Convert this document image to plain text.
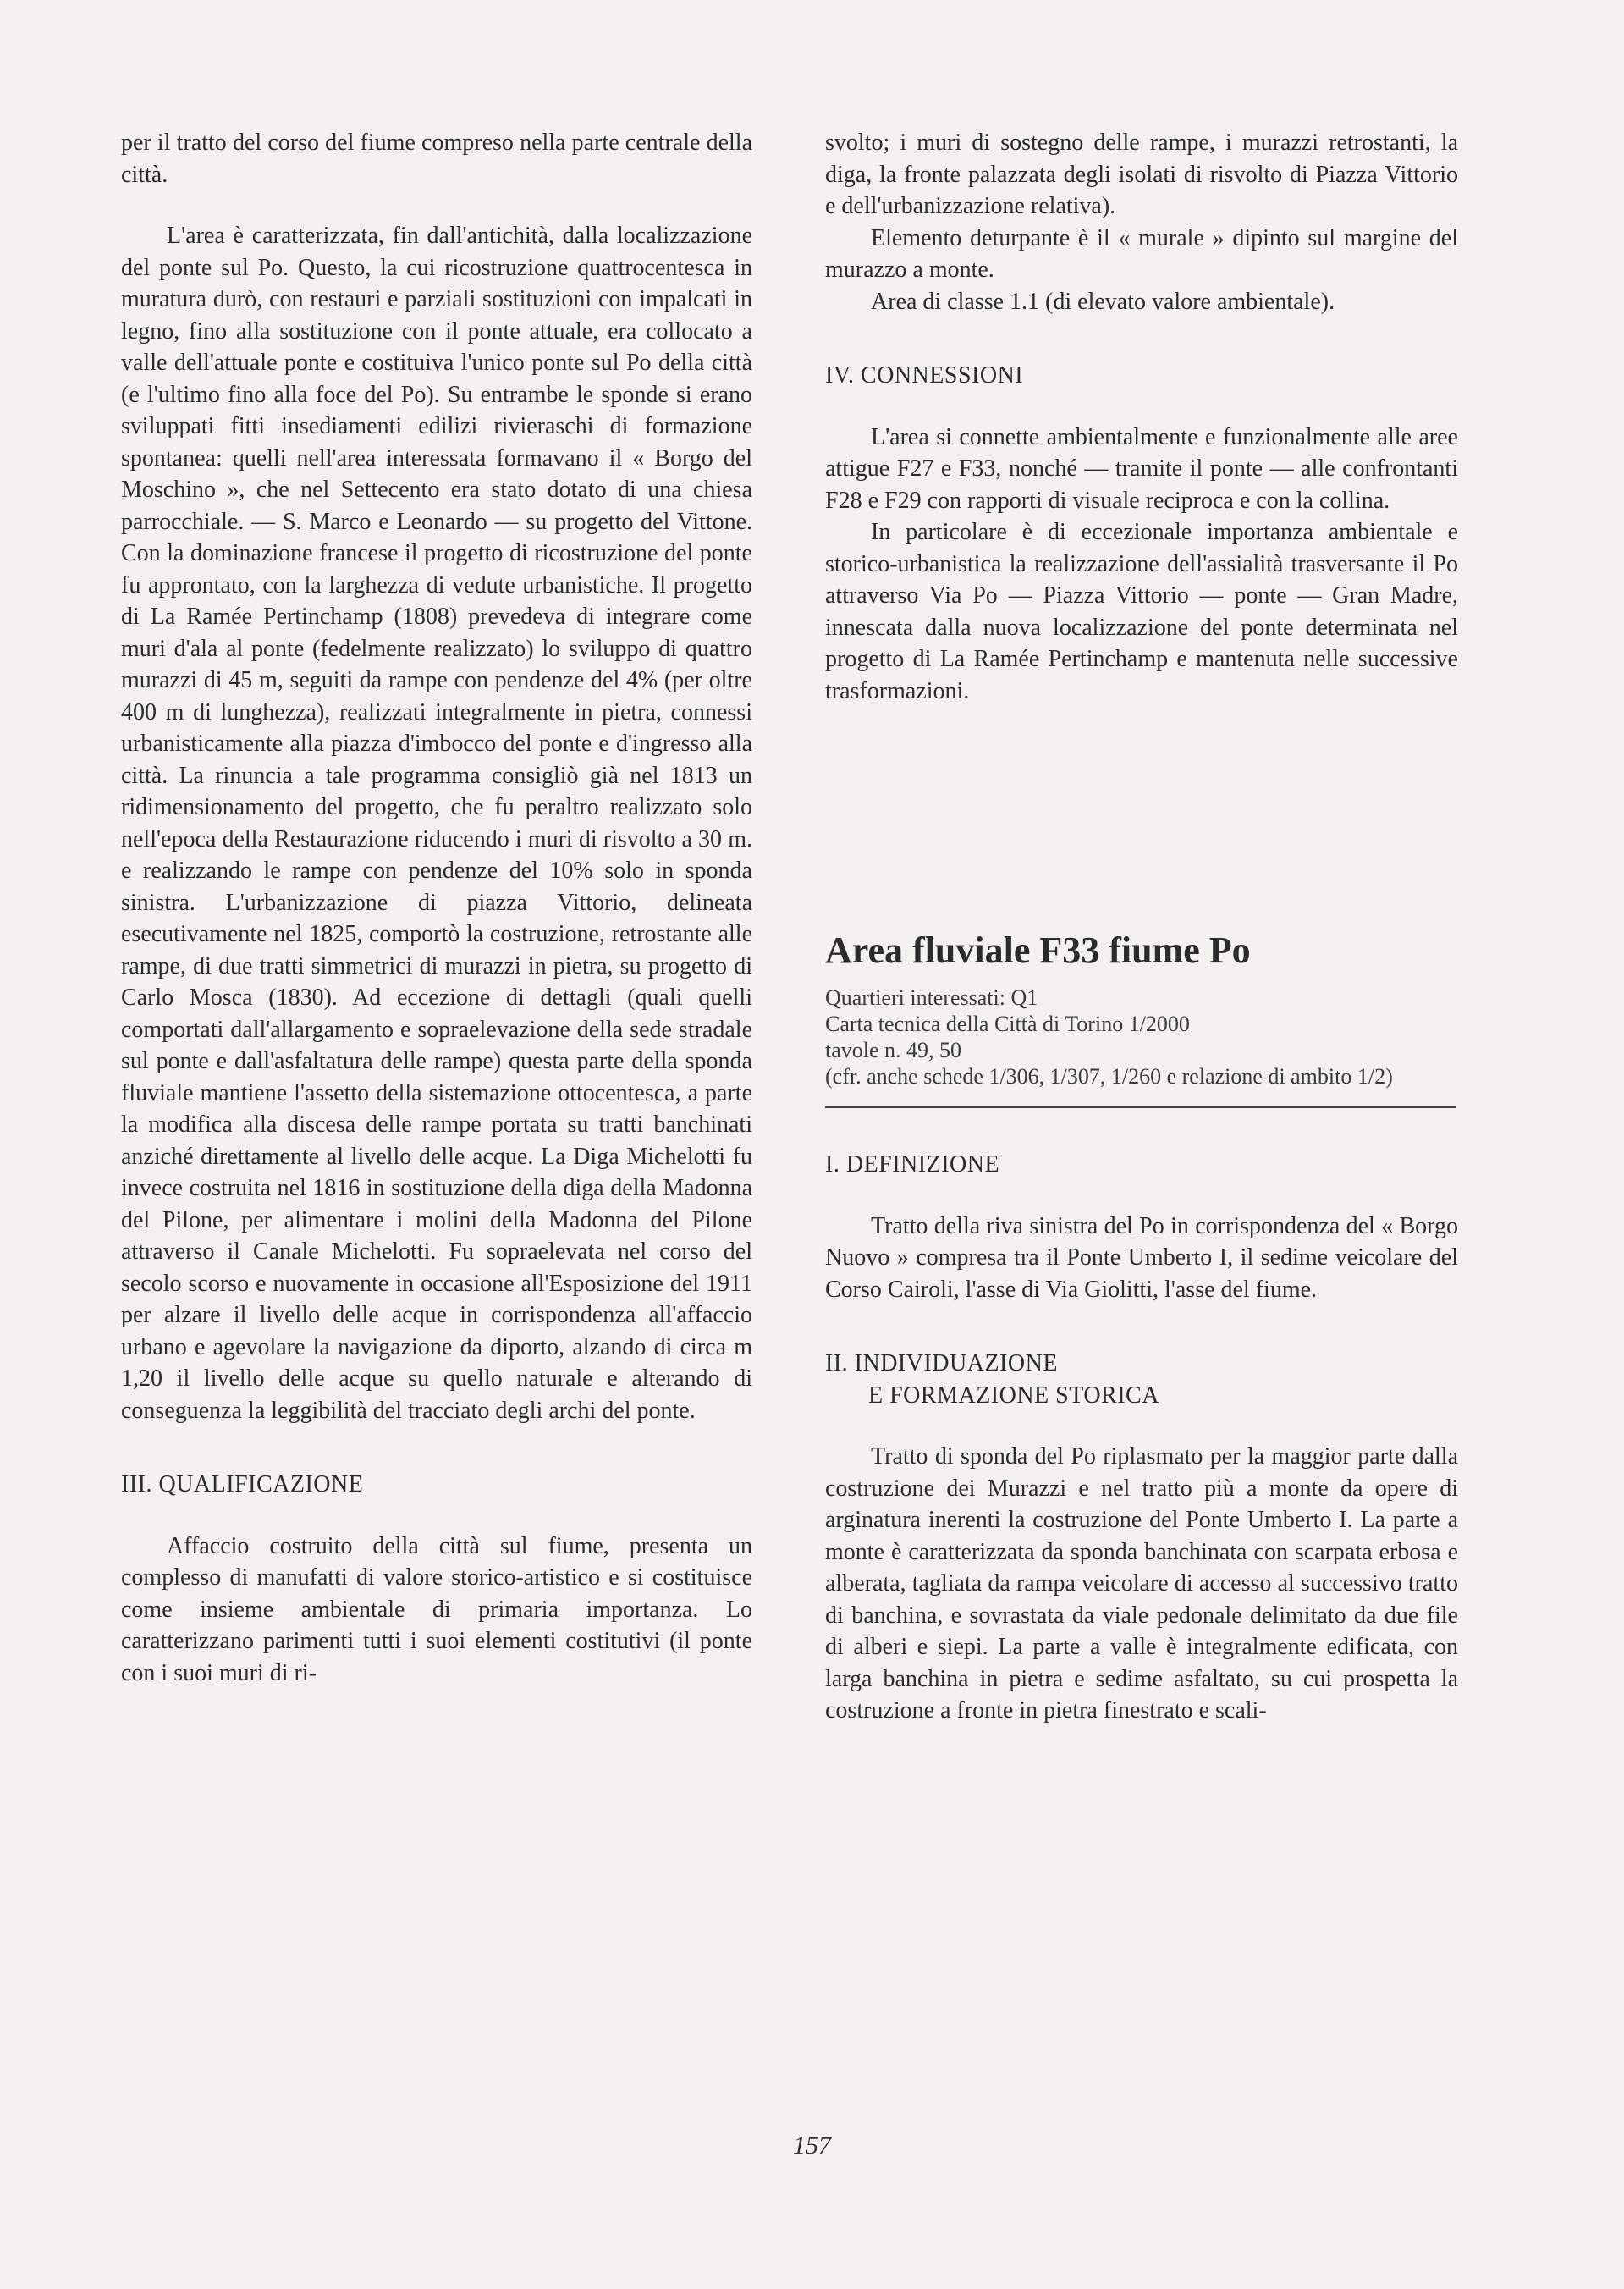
per il tratto del corso del fiume compreso nella parte centrale della città.

L'area è caratterizzata, fin dall'antichità, dalla localizzazione del ponte sul Po. Questo, la cui ricostruzione quattrocentesca in muratura durò, con restauri e parziali sostituzioni con impalcati in legno, fino alla sostituzione con il ponte attuale, era collocato a valle dell'attuale ponte e costituiva l'unico ponte sul Po della città (e l'ultimo fino alla foce del Po). Su entrambe le sponde si erano sviluppati fitti insediamenti edilizi rivieraschi di formazione spontanea: quelli nell'area interessata formavano il « Borgo del Moschino », che nel Settecento era stato dotato di una chiesa parrocchiale. — S. Marco e Leonardo — su progetto del Vittone. Con la dominazione francese il progetto di ricostruzione del ponte fu approntato, con la larghezza di vedute urbanistiche. Il progetto di La Ramée Pertinchamp (1808) prevedeva di integrare come muri d'ala al ponte (fedelmente realizzato) lo sviluppo di quattro murazzi di 45 m, seguiti da rampe con pendenze del 4% (per oltre 400 m di lunghezza), realizzati integralmente in pietra, connessi urbanisticamente alla piazza d'imbocco del ponte e d'ingresso alla città. La rinuncia a tale programma consigliò già nel 1813 un ridimensionamento del progetto, che fu peraltro realizzato solo nell'epoca della Restaurazione riducendo i muri di risvolto a 30 m. e realizzando le rampe con pendenze del 10% solo in sponda sinistra. L'urbanizzazione di piazza Vittorio, delineata esecutivamente nel 1825, comportò la costruzione, retrostante alle rampe, di due tratti simmetrici di murazzi in pietra, su progetto di Carlo Mosca (1830). Ad eccezione di dettagli (quali quelli comportati dall'allargamento e sopraelevazione della sede stradale sul ponte e dall'asfaltatura delle rampe) questa parte della sponda fluviale mantiene l'assetto della sistemazione ottocentesca, a parte la modifica alla discesa delle rampe portata su tratti banchinati anziché direttamente al livello delle acque. La Diga Michelotti fu invece costruita nel 1816 in sostituzione della diga della Madonna del Pilone, per alimentare i molini della Madonna del Pilone attraverso il Canale Michelotti. Fu sopraelevata nel corso del secolo scorso e nuovamente in occasione all'Esposizione del 1911 per alzare il livello delle acque in corrispondenza all'affaccio urbano e agevolare la navigazione da diporto, alzando di circa m 1,20 il livello delle acque su quello naturale e alterando di conseguenza la leggibilità del tracciato degli archi del ponte.

III. QUALIFICAZIONE

Affaccio costruito della città sul fiume, presenta un complesso di manufatti di valore storico-artistico e si costituisce come insieme ambientale di primaria importanza. Lo caratterizzano parimenti tutti i suoi elementi costitutivi (il ponte con i suoi muri di ri-

svolto; i muri di sostegno delle rampe, i murazzi retrostanti, la diga, la fronte palazzata degli isolati di risvolto di Piazza Vittorio e dell'urbanizzazione relativa).

Elemento deturpante è il « murale » dipinto sul margine del murazzo a monte.

Area di classe 1.1 (di elevato valore ambientale).

IV. CONNESSIONI

L'area si connette ambientalmente e funzionalmente alle aree attigue F27 e F33, nonché — tramite il ponte — alle confrontanti F28 e F29 con rapporti di visuale reciproca e con la collina.

In particolare è di eccezionale importanza ambientale e storico-urbanistica la realizzazione dell'assialità trasversante il Po attraverso Via Po — Piazza Vittorio — ponte — Gran Madre, innescata dalla nuova localizzazione del ponte determinata nel progetto di La Ramée Pertinchamp e mantenuta nelle successive trasformazioni.

Area fluviale F33 fiume Po

Quartieri interessati: Q1

Carta tecnica della Città di Torino 1/2000

tavole n. 49, 50

(cfr. anche schede 1/306, 1/307, 1/260 e relazione di ambito 1/2)

I. DEFINIZIONE

Tratto della riva sinistra del Po in corrispondenza del « Borgo Nuovo » compresa tra il Ponte Umberto I, il sedime veicolare del Corso Cairoli, l'asse di Via Giolitti, l'asse del fiume.

II. INDIVIDUAZIONE
E FORMAZIONE STORICA

Tratto di sponda del Po riplasmato per la maggior parte dalla costruzione dei Murazzi e nel tratto più a monte da opere di arginatura inerenti la costruzione del Ponte Umberto I. La parte a monte è caratterizzata da sponda banchinata con scarpata erbosa e alberata, tagliata da rampa veicolare di accesso al successivo tratto di banchina, e sovrastata da viale pedonale delimitato da due file di alberi e siepi. La parte a valle è integralmente edificata, con larga banchina in pietra e sedime asfaltato, su cui prospetta la costruzione a fronte in pietra finestrato e scali-

157
